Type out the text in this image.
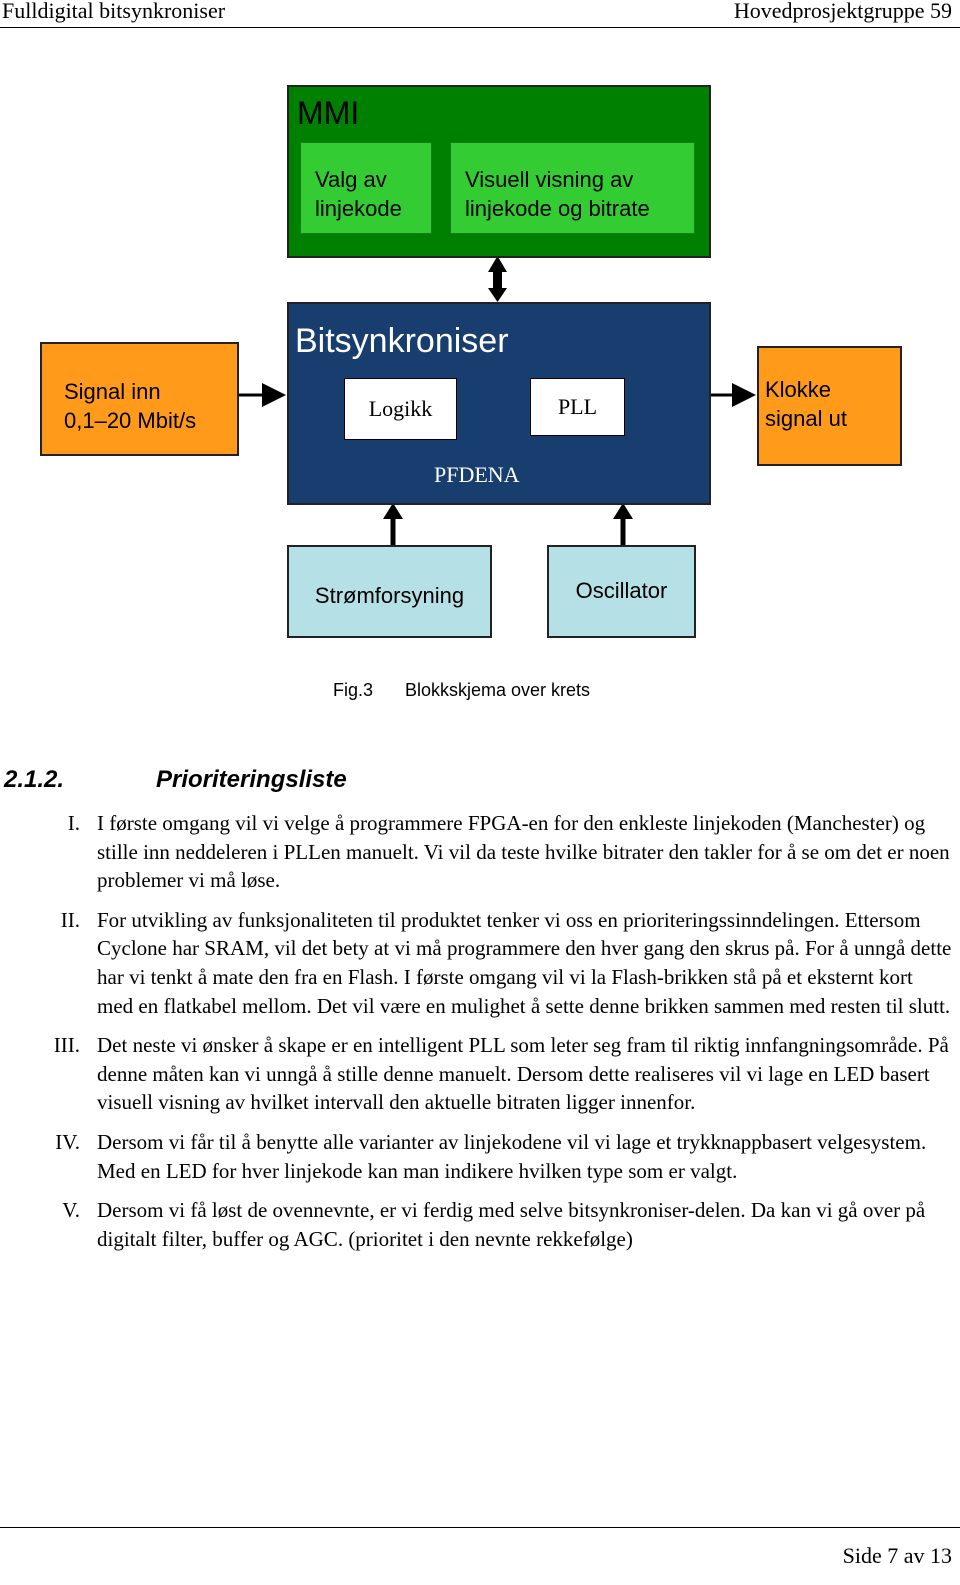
Fulldigital bitsynkroniser	Hovedprosjektgruppe 59
MMI
Valg av
linjekode
Visuell visning av
linjekode og bitrate
Bitsynkroniser
Logikk	PLL
PFDENA
Signal inn
0,1–20 Mbit/s
Klokke
signal ut
Strømforsyning	Oscillator
Fig.3 Blokkskjema over krets
2.1.2.	Prioriteringsliste
I. I første omgang vil vi velge å programmere FPGA-en for den enkleste linjekoden (Manchester) og stille inn neddeleren i PLLen manuelt. Vi vil da teste hvilke bitrater den takler for å se om det er noen problemer vi må løse.
II. For utvikling av funksjonaliteten til produktet tenker vi oss en prioriteringssinndelingen. Ettersom Cyclone har SRAM, vil det bety at vi må programmere den hver gang den skrus på. For å unngå dette har vi tenkt å mate den fra en Flash. I første omgang vil vi la Flash-brikken stå på et eksternt kort med en flatkabel mellom. Det vil være en mulighet å sette denne brikken sammen med resten til slutt.
III. Det neste vi ønsker å skape er en intelligent PLL som leter seg fram til riktig innfangningsområde. På denne måten kan vi unngå å stille denne manuelt. Dersom dette realiseres vil vi lage en LED basert visuell visning av hvilket intervall den aktuelle bitraten ligger innenfor.
IV. Dersom vi får til å benytte alle varianter av linjekodene vil vi lage et trykknappbasert velgesystem. Med en LED for hver linjekode kan man indikere hvilken type som er valgt.
V. Dersom vi få løst de ovennevnte, er vi ferdig med selve bitsynkroniser-delen. Da kan vi gå over på digitalt filter, buffer og AGC. (prioritet i den nevnte rekkefølge)
Side 7 av 13
